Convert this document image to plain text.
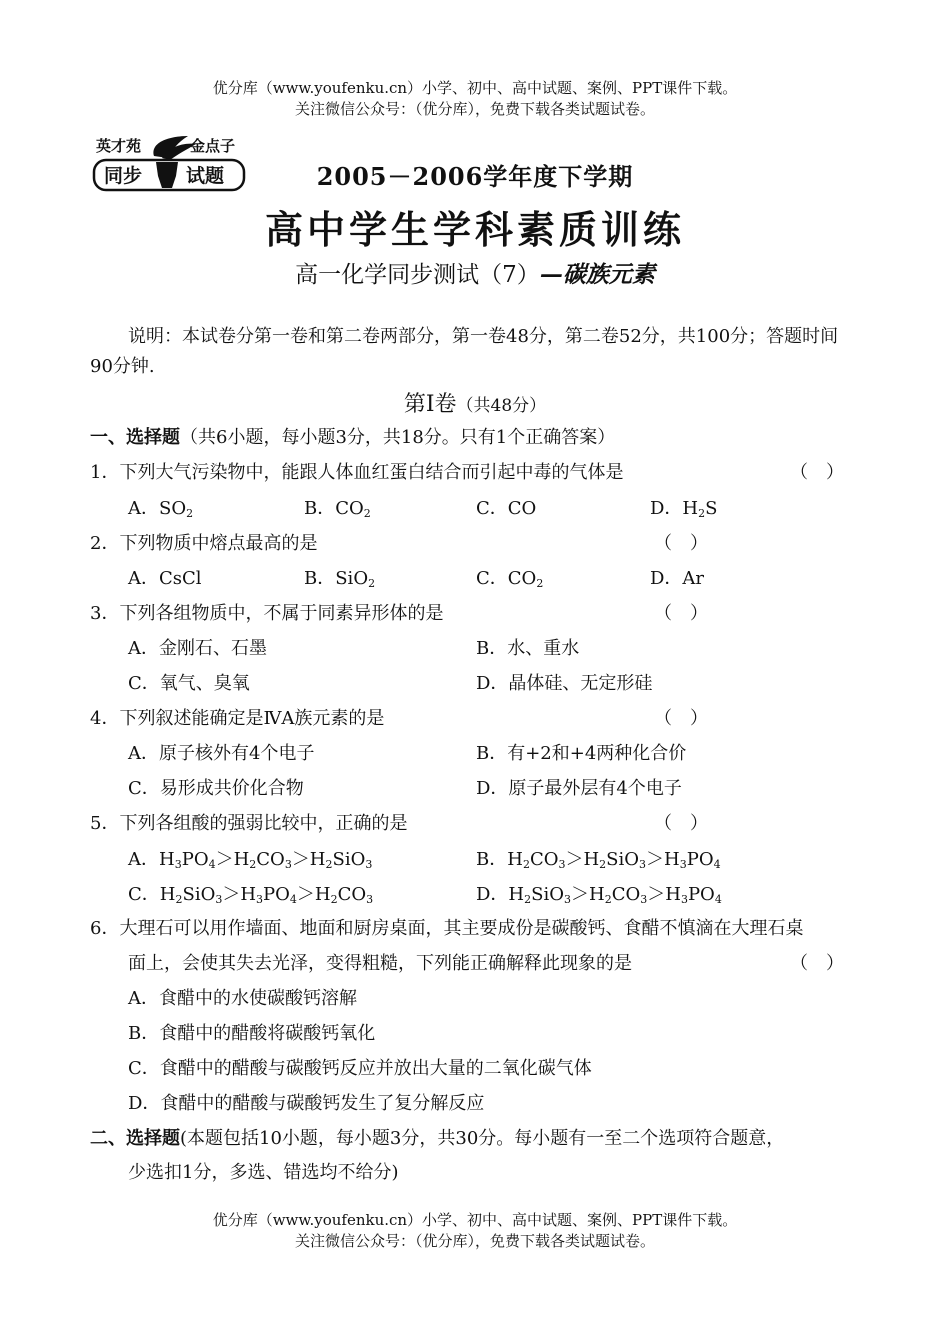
优分库（www.youfenku.cn）小学、初中、高中试题、案例、PPT课件下载。
关注微信公众号：（优分库），免费下载各类试题试卷。
英才苑	金点子
同步 试题	2005－2006学年度下学期
高中学生学科素质训练
高一化学同步测试（7）—碳族元素
说明：本试卷分第一卷和第二卷两部分，第一卷48分，第二卷52分，共100分；答题时间90分钟.
第Ⅰ卷（共48分）
一、选择题（共6小题，每小题3分，共18分。只有1个正确答案）
1．下列大气污染物中，能跟人体血红蛋白结合而引起中毒的气体是	（　）
A．$SO_2$	B．$CO_2$	C．CO	D．$H_2S$
2．下列物质中熔点最高的是	（　）
A．CsCl	B．SiO$_2$	C．$CO_2$	D．Ar
3．下列各组物质中，不属于同素异形体的是	（　）
A．金刚石、石墨	B．水、重水
C．氧气、臭氧	D．晶体硅、无定形硅
4．下列叙述能确定是ⅣA族元素的是	（　）
A．原子核外有4个电子	B．有+2和+4两种化合价
C．易形成共价化合物	D．原子最外层有4个电子
5．下列各组酸的强弱比较中，正确的是	（　）
A．$H_3PO_4>H_2CO_3>H_2SiO_3$	B．$H_2CO_3>H_2SiO_3>H_3PO_4$
C．$H_2SiO_3>H_3PO_4>H_2CO_3$	D．$H_2SiO_3>H_2CO_3>H_3PO_4$
6．大理石可以用作墙面、地面和厨房桌面，其主要成份是碳酸钙、食醋不慎滴在大理石桌
面上，会使其失去光泽，变得粗糙，下列能正确解释此现象的是	（　）
A．食醋中的水使碳酸钙溶解
B．食醋中的醋酸将碳酸钙氧化
C．食醋中的醋酸与碳酸钙反应并放出大量的二氧化碳气体
D．食醋中的醋酸与碳酸钙发生了复分解反应
二、选择题(本题包括10小题，每小题3分，共30分。每小题有一至二个选项符合题意，
少选扣1分，多选、错选均不给分)
优分库（www.youfenku.cn）小学、初中、高中试题、案例、PPT课件下载。
关注微信公众号：（优分库），免费下载各类试题试卷。
